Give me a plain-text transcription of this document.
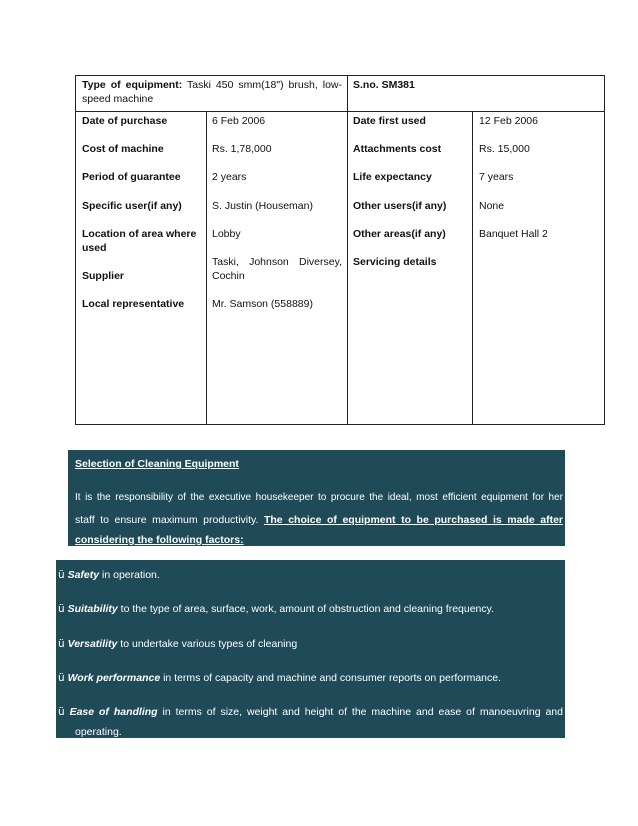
Type of equipment: Taski 450 smm(18") brush, low-
speed machine
S.no. SM381
Date of purchase
Cost of machine
Period of guarantee
Specific user(if any)
Location of area where
used
Supplier
Local representative
6 Feb 2006
Rs. 1,78,000
2 years
S. Justin (Houseman)
Lobby
Taski, Johnson Diversey,
Cochin
Mr. Samson (558889)
Date first used
Attachments cost
Life expectancy
Other users(if any)
Other areas(if any)
Servicing details
12 Feb 2006
Rs. 15,000
7 years
None
Banquet Hall 2
Selection of Cleaning Equipment
It is the responsibility of the executive housekeeper to procure the ideal, most efficient equipment for her
staff to ensure maximum productivity. The choice of equipment to be purchased is made after
considering the following factors:
ü Safety in operation.
ü Suitability to the type of area, surface, work, amount of obstruction and cleaning frequency.
ü Versatility to undertake various types of cleaning
ü Work performance in terms of capacity and machine and consumer reports on performance.
ü Ease of handling in terms of size, weight and height of the machine and ease of manoeuvring and
operating.
